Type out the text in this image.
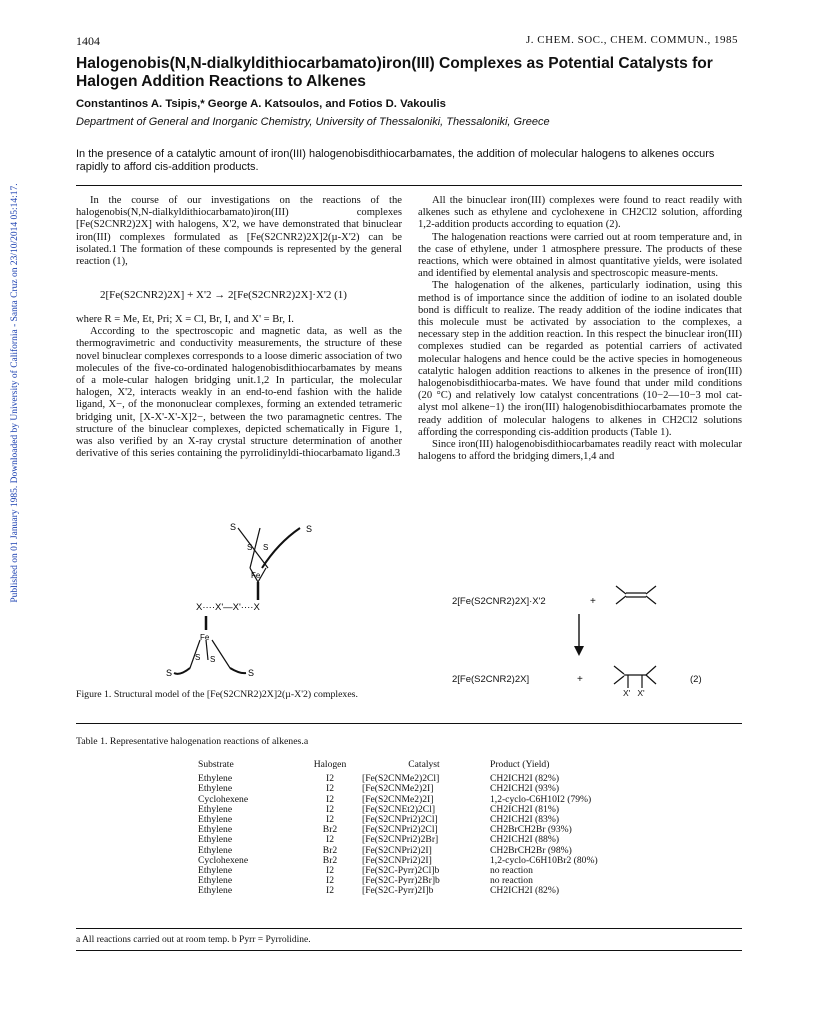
Published on 01 January 1985. Downloaded by University of California - Santa Cruz on 23/10/2014 05:14:17.
1404	J. CHEM. SOC., CHEM. COMMUN., 1985
Halogenobis(N,N-dialkyldithiocarbamato)iron(III) Complexes as Potential Catalysts for Halogen Addition Reactions to Alkenes
Constantinos A. Tsipis,* George A. Katsoulos, and Fotios D. Vakoulis
Department of General and Inorganic Chemistry, University of Thessaloniki, Thessaloniki, Greece
In the presence of a catalytic amount of iron(III) halogenobisdithiocarbamates, the addition of molecular halogens to alkenes occurs rapidly to afford cis-addition products.

In the course of our investigations on the reactions of the halogenobis(N,N-dialkyldithiocarbamato)iron(III) complexes [Fe(S2CNR2)2X] with halogens, X'2, we have demonstrated that binuclear iron(III) complexes formulated as [Fe(S2CNR2)2X]2(µ-X'2) can be isolated.1 The formation of these compounds is represented by the general reaction (1),

2[Fe(S2CNR2)2X] + X'2 → 2[Fe(S2CNR2)2X]·X'2 (1)

where R = Me, Et, Pri; X = Cl, Br, I, and X' = Br, I.

According to the spectroscopic and magnetic data, as well as the thermogravimetric and conductivity measurements, the structure of these novel binuclear complexes corresponds to a loose dimeric association of two molecules of the five-co-ordinated halogenobisdithiocarbamates by means of a mole-cular halogen bridging unit.1,2 In particular, the molecular halogen, X'2, interacts weakly in an end-to-end fashion with the halide ligand, X−, of the mononuclear complexes, forming an extended tetrameric bridging unit, [X-X'-X'-X]2−, between the two paramagnetic centres. The structure of the binuclear complexes, depicted schematically in Figure 1, was also verified by an X-ray crystal structure determination of another derivative of this series containing the pyrrolidinyldi-thiocarbamato ligand.3

S	S
S S
Fe
X····X'—X'····X
Fe
S
S S
S
Figure 1. Structural model of the [Fe(S2CNR2)2X]2(µ-X'2) complexes.

All the binuclear iron(III) complexes were found to react readily with alkenes such as ethylene and cyclohexene in CH2Cl2 solution, affording 1,2-addition products according to equation (2).

The halogenation reactions were carried out at room temperature and, in the case of ethylene, under 1 atmosphere pressure. The products of these reactions, which were obtained in almost quantitative yields, were isolated and identified by elemental analysis and spectroscopic measure-ments.

The halogenation of the alkenes, particularly iodination, using this method is of importance since the addition of iodine to an isolated double bond is difficult to realize. The ready addition of the iodine indicates that this molecule must be activated by association to the complexes, a necessary step in the addition reaction. In this respect the binuclear iron(III) complexes studied can be regarded as potential carriers of activated molecular halogens and hence could be the active species in homogeneous catalytic halogen addition reactions to alkenes in the presence of iron(III) halogenobisdithiocarba-mates. We have found that under mild conditions (20 °C) and relatively low catalyst concentrations (10−2—10−3 mol cat-alyst mol alkene−1) the iron(III) halogenobisdithiocarbamates promote the ready addition of molecular halogens to alkenes in CH2Cl2 solutions affording the corresponding cis-addition products (Table 1).

Since iron(III) halogenobisdithiocarbamates readily react with molecular halogens to afford the bridging dimers,1,4 and

2[Fe(S2CNR2)2X]·X'2	+
2[Fe(S2CNR2)2X]	+
X'   X'
(2)
Table 1. Representative halogenation reactions of alkenes.a
Substrate	Halogen	Catalyst	Product (Yield)

Ethylene	I2	[Fe(S2CNMe2)2Cl]	CH2ICH2I (82%)
Ethylene	I2	[Fe(S2CNMe2)2I]	CH2ICH2I (93%)
Cyclohexene	I2	[Fe(S2CNMe2)2I]	1,2-cyclo-C6H10I2 (79%)
Ethylene	I2	[Fe(S2CNEt2)2Cl]	CH2ICH2I (81%)
Ethylene	I2	[Fe(S2CNPri2)2Cl]	CH2ICH2I (83%)
Ethylene	Br2	[Fe(S2CNPri2)2Cl]	CH2BrCH2Br (93%)
Ethylene	I2	[Fe(S2CNPri2)2Br]	CH2ICH2I (88%)
Ethylene	Br2	[Fe(S2CNPri2)2I]	CH2BrCH2Br (98%)
Cyclohexene	Br2	[Fe(S2CNPri2)2I]	1,2-cyclo-C6H10Br2 (80%)
Ethylene	I2	[Fe(S2C-Pyrr)2Cl]b	no reaction
Ethylene	I2	[Fe(S2C-Pyrr)2Br]b	no reaction
Ethylene	I2	[Fe(S2C-Pyrr)2I]b	CH2ICH2I (82%)
a All reactions carried out at room temp. b Pyrr = Pyrrolidine.
